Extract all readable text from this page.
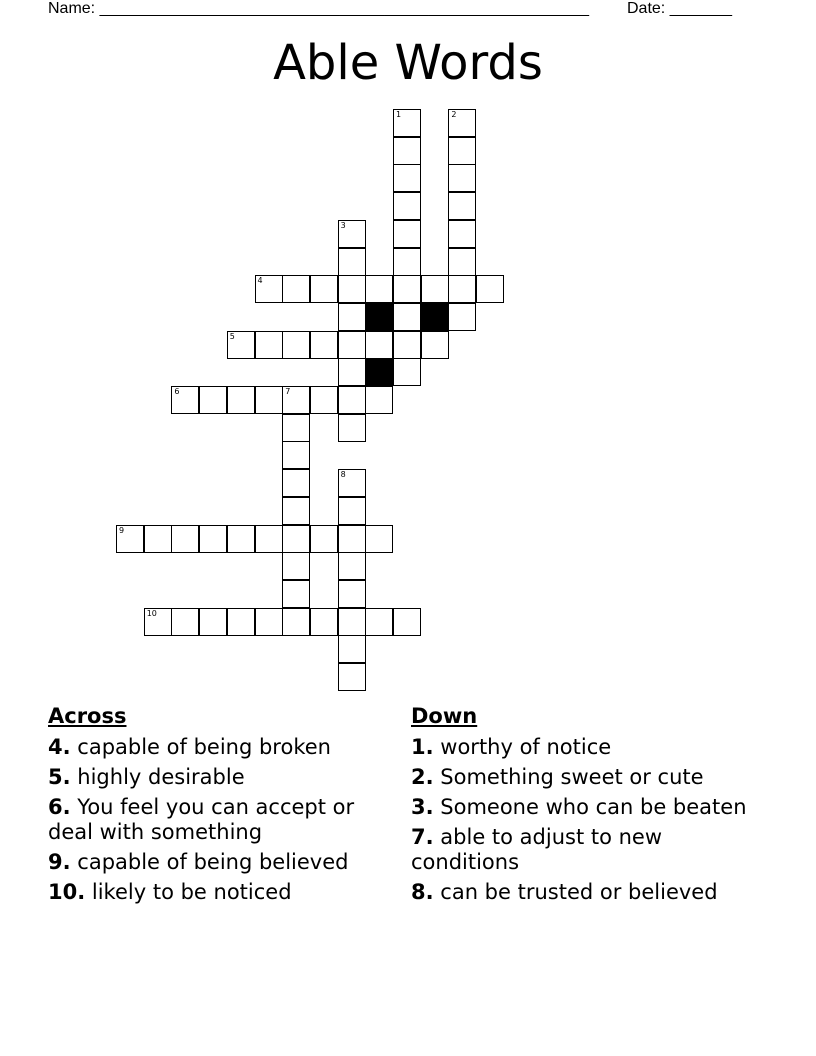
Name: _______________________________________________________ Date: _______
Able Words
1	2
3
4
5
6	7
8
9
10
Across
4. capable of being broken
5. highly desirable
6. You feel you can accept or deal with something
9. capable of being believed
10. likely to be noticed
Down
1. worthy of notice
2. Something sweet or cute
3. Someone who can be beaten
7. able to adjust to new conditions
8. can be trusted or believed
